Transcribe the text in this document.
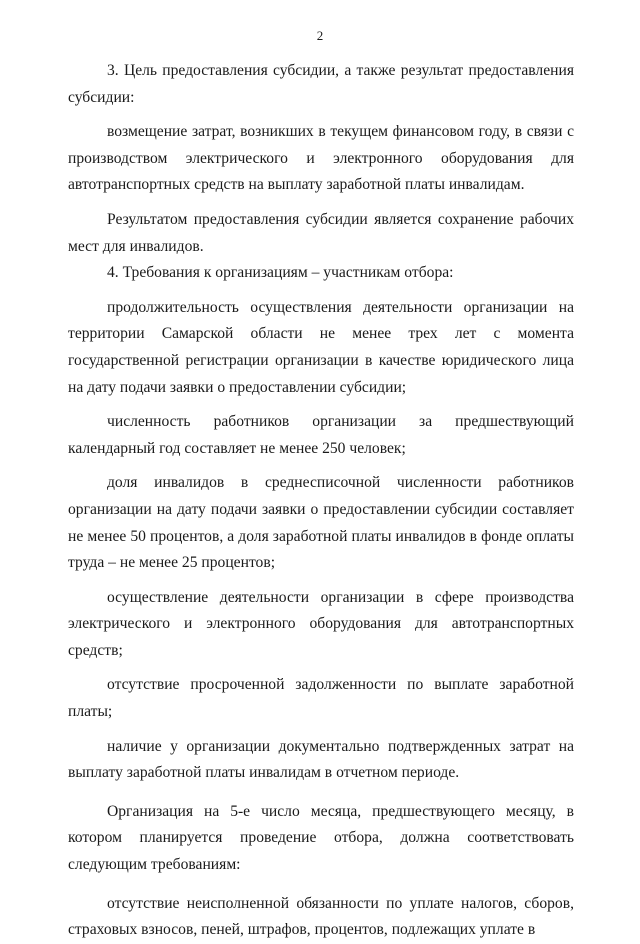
2

3. Цель предоставления субсидии, а также результат предоставления субсидии:

возмещение затрат, возникших в текущем финансовом году, в связи с производством электрического и электронного оборудования для автотранспортных средств на выплату заработной платы инвалидам.

Результатом предоставления субсидии является сохранение рабочих мест для инвалидов.

4. Требования к организациям – участникам отбора:

продолжительность осуществления деятельности организации на территории Самарской области не менее трех лет с момента государственной регистрации организации в качестве юридического лица на дату подачи заявки о предоставлении субсидии;

численность работников организации за предшествующий календарный год составляет не менее 250 человек;

доля инвалидов в среднесписочной численности работников организации на дату подачи заявки о предоставлении субсидии составляет не менее 50 процентов, а доля заработной платы инвалидов в фонде оплаты труда – не менее 25 процентов;

осуществление деятельности организации в сфере производства электрического и электронного оборудования для автотранспортных средств;

отсутствие просроченной задолженности по выплате заработной платы;

наличие у организации документально подтвержденных затрат на выплату заработной платы инвалидам в отчетном периоде.

Организация на 5-е число месяца, предшествующего месяцу, в котором планируется проведение отбора, должна соответствовать следующим требованиям:

отсутствие неисполненной обязанности по уплате налогов, сборов, страховых взносов, пеней, штрафов, процентов, подлежащих уплате в
